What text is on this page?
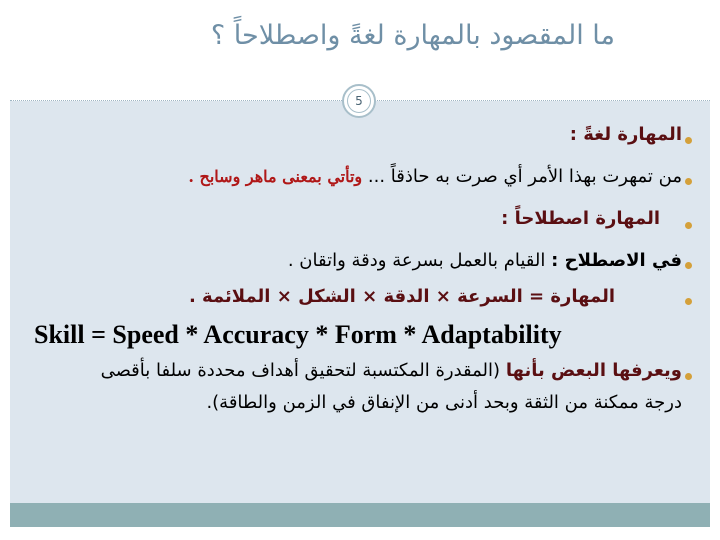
ما المقصود بالمهارة لغةً واصطلاحاً ؟
5
المهارة لغةً :
من تمهرت بهذا الأمر أي صرت به حاذقاً ... وتأتي بمعنى ماهر وسابح .
المهارة اصطلاحاً :
في الاصطلاح : القيام بالعمل بسرعة ودقة واتقان .
المهارة = السرعة × الدقة × الشكل × الملائمة .
Skill = Speed * Accuracy * Form * Adaptability
ويعرفها البعض بأنها (المقدرة المكتسبة لتحقيق أهداف محددة سلفا بأقصى
درجة ممكنة من الثقة وبحد أدنى من الإنفاق في الزمن والطاقة).
